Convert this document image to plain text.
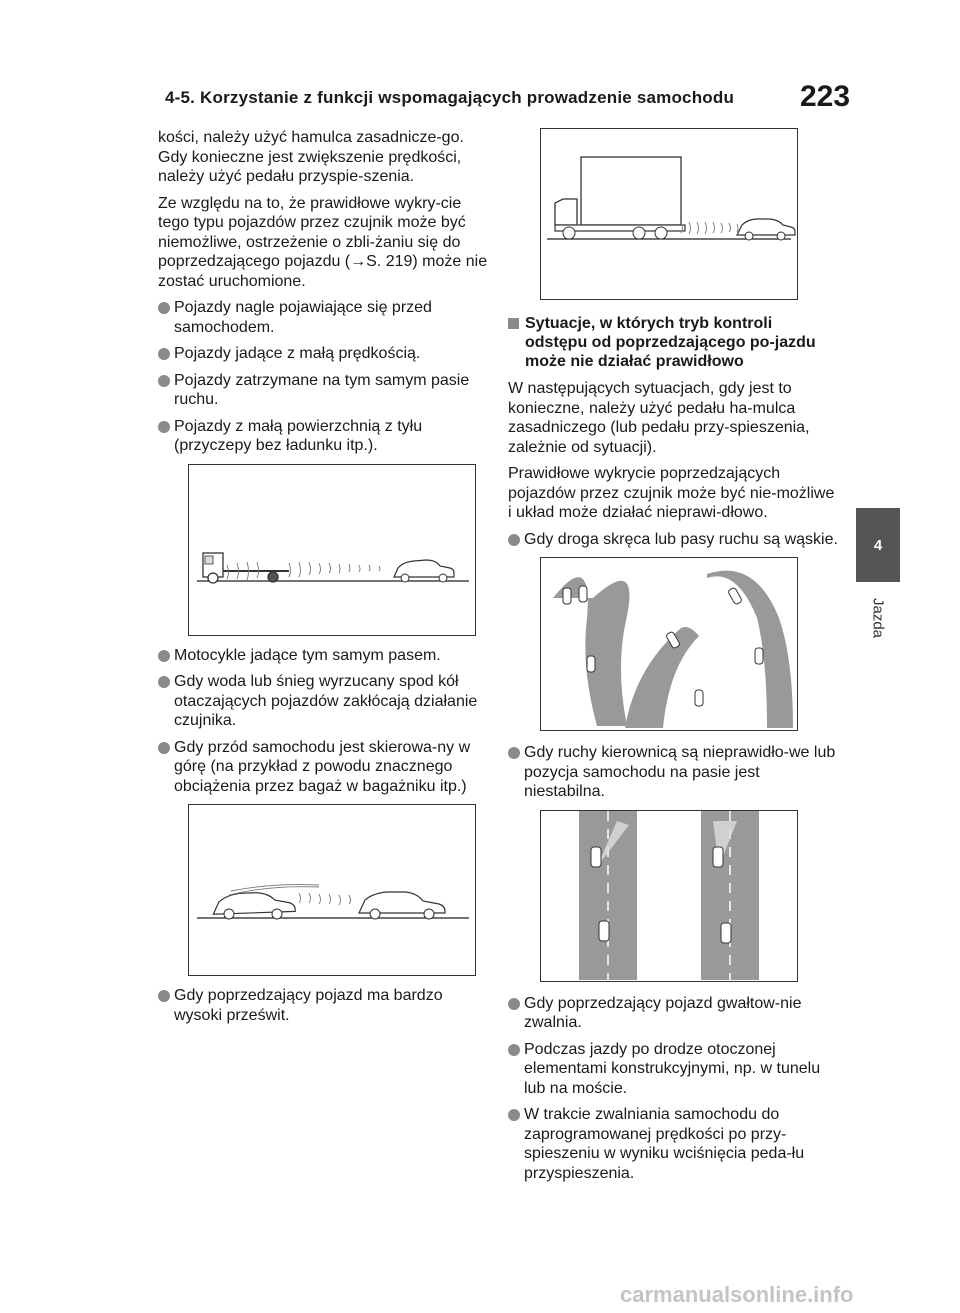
4-5. Korzystanie z funkcji wspomagających prowadzenie samochodu 223
4
Jazda

kości, należy użyć hamulca zasadnicze-go. Gdy konieczne jest zwiększenie prędkości, należy użyć pedału przyspie-szenia.

Ze względu na to, że prawidłowe wykry-cie tego typu pojazdów przez czujnik może być niemożliwe, ostrzeżenie o zbli-żaniu się do poprzedzającego pojazdu (→S. 219) może nie zostać uruchomione.

Pojazdy nagle pojawiające się przed samochodem.
Pojazdy jadące z małą prędkością.
Pojazdy zatrzymane na tym samym pasie ruchu.
Pojazdy z małą powierzchnią z tyłu (przyczepy bez ładunku itp.).
Motocykle jadące tym samym pasem.
Gdy woda lub śnieg wyrzucany spod kół otaczających pojazdów zakłócają działanie czujnika.
Gdy przód samochodu jest skierowa-ny w górę (na przykład z powodu znacznego obciążenia przez bagaż w bagażniku itp.)
Gdy poprzedzający pojazd ma bardzo wysoki prześwit.
Sytuacje, w których tryb kontroli odstępu od poprzedzającego po-jazdu może nie działać prawidłowo

W następujących sytuacjach, gdy jest to konieczne, należy użyć pedału ha-mulca zasadniczego (lub pedału przy-spieszenia, zależnie od sytuacji).

Prawidłowe wykrycie poprzedzających pojazdów przez czujnik może być nie-możliwe i układ może działać nieprawi-dłowo.

Gdy droga skręca lub pasy ruchu są wąskie.
Gdy ruchy kierownicą są nieprawidło-we lub pozycja samochodu na pasie jest niestabilna.
Gdy poprzedzający pojazd gwałtow-nie zwalnia.
Podczas jazdy po drodze otoczonej elementami konstrukcyjnymi, np. w tunelu lub na moście.
W trakcie zwalniania samochodu do zaprogramowanej prędkości po przy-spieszeniu w wyniku wciśnięcia peda-łu przyspieszenia.
carmanualsonline.info
